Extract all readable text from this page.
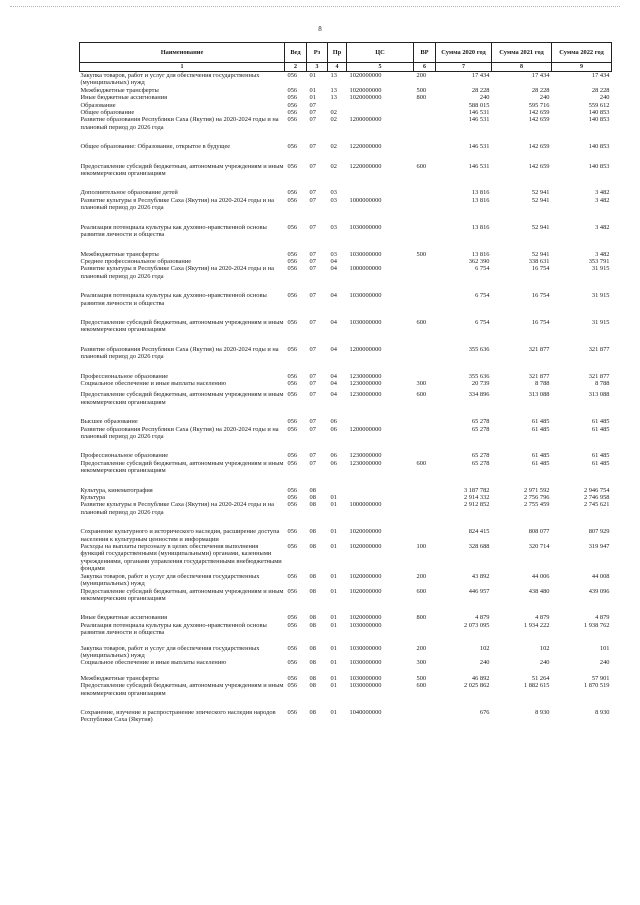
8
Наименование	Вед	Рз	Пр	ЦС	ВР	Сумма 2020 год	Сумма 2021 год	Сумма 2022 год
1	2	3	4	5	6	7	8	9
Закупка товаров, работ и услуг для обеспечения государственных (муниципальных) нужд	056	01	13	1020000000	200	17 434	17 434	17 434
Межбюджетные трансферты	056	01	13	1020000000	500	28 228	28 228	28 228
Иные бюджетные ассигнования	056	01	13	1020000000	800	240	240	240
Образование	056	07				588 015	595 716	559 612
Общее образование	056	07	02			146 531	142 659	140 853
Развитие образования Республики Саха (Якутия) на 2020-2024 годы и на плановый период до 2026 года	056	07	02	1200000000		146 531	142 659	140 853

Общее образование: Образование, открытое в будущее	056	07	02	1220000000		146 531	142 659	140 853

Предоставление субсидий бюджетным, автономным учреждениям и иным некоммерческим организациям	056	07	02	1220000000	600	146 531	142 659	140 853

Дополнительное образование детей	056	07	03			13 816	52 941	3 482
Развитие культуры в Республике Саха (Якутия) на 2020-2024 годы и на плановый период до 2026 года	056	07	03	1000000000		13 816	52 941	3 482

Реализация потенциала культуры как духовно-нравственной основы развития личности и общества	056	07	03	1030000000		13 816	52 941	3 482

Межбюджетные трансферты	056	07	03	1030000000	500	13 816	52 941	3 482
Среднее профессиональное образование	056	07	04			362 390	338 631	353 791
Развитие культуры в Республике Саха (Якутия) на 2020-2024 годы и на плановый период до 2026 года	056	07	04	1000000000		6 754	16 754	31 915

Реализация потенциала культуры как духовно-нравственной основы развития личности и общества	056	07	04	1030000000		6 754	16 754	31 915

Предоставление субсидий бюджетным, автономным учреждениям и иным некоммерческим организациям	056	07	04	1030000000	600	6 754	16 754	31 915

Развитие образования Республики Саха (Якутия) на 2020-2024 годы и на плановый период до 2026 года	056	07	04	1200000000		355 636	321 877	321 877

Профессиональное образование	056	07	04	1230000000		355 636	321 877	321 877
Социальное обеспечение и иные выплаты населению	056	07	04	1230000000	300	20 739	8 788	8 788

Предоставление субсидий бюджетным, автономным учреждениям и иным некоммерческим организациям	056	07	04	1230000000	600	334 896	313 088	313 088

Высшее образование	056	07	06			65 278	61 485	61 485
Развитие образования Республики Саха (Якутия) на 2020-2024 годы и на плановый период до 2026 года	056	07	06	1200000000		65 278	61 485	61 485

Профессиональное образование	056	07	06	1230000000		65 278	61 485	61 485
Предоставление субсидий бюджетным, автономным учреждениям и иным некоммерческим организациям	056	07	06	1230000000	600	65 278	61 485	61 485

Культура, кинематография	056	08				3 187 782	2 971 592	2 946 754
Культура	056	08	01			2 914 332	2 756 796	2 746 958
Развитие культуры в Республике Саха (Якутия) на 2020-2024 годы и на плановый период до 2026 года	056	08	01	1000000000		2 912 852	2 755 459	2 745 621

Сохранение культурного и исторического наследия, расширение доступа населения к культурным ценностям и информации	056	08	01	1020000000		824 415	808 077	807 929
Расходы на выплаты персоналу в целях обеспечения выполнения функций государственными (муниципальными) органами, казенными учреждениями, органами управления государственными внебюджетными фондами	056	08	01	1020000000	100	328 688	320 714	319 947
Закупка товаров, работ и услуг для обеспечения государственных (муниципальных) нужд	056	08	01	1020000000	200	43 892	44 006	44 008
Предоставление субсидий бюджетным, автономным учреждениям и иным некоммерческим организациям	056	08	01	1020000000	600	446 957	438 480	439 096

Иные бюджетные ассигнования	056	08	01	1020000000	800	4 879	4 879	4 879
Реализация потенциала культуры как духовно-нравственной основы развития личности и общества	056	08	01	1030000000		2 073 095	1 934 222	1 938 762

Закупка товаров, работ и услуг для обеспечения государственных (муниципальных) нужд	056	08	01	1030000000	200	102	102	101
Социальное обеспечение и иные выплаты населению	056	08	01	1030000000	300	240	240	240

Межбюджетные трансферты	056	08	01	1030000000	500	46 892	51 264	57 901
Предоставление субсидий бюджетным, автономным учреждениям и иным некоммерческим организациям	056	08	01	1030000000	600	2 025 862	1 882 615	1 870 519

Сохранение, изучение и распространение эпического наследия народов Республики Саха (Якутия)	056	08	01	1040000000		676	8 930	8 930
